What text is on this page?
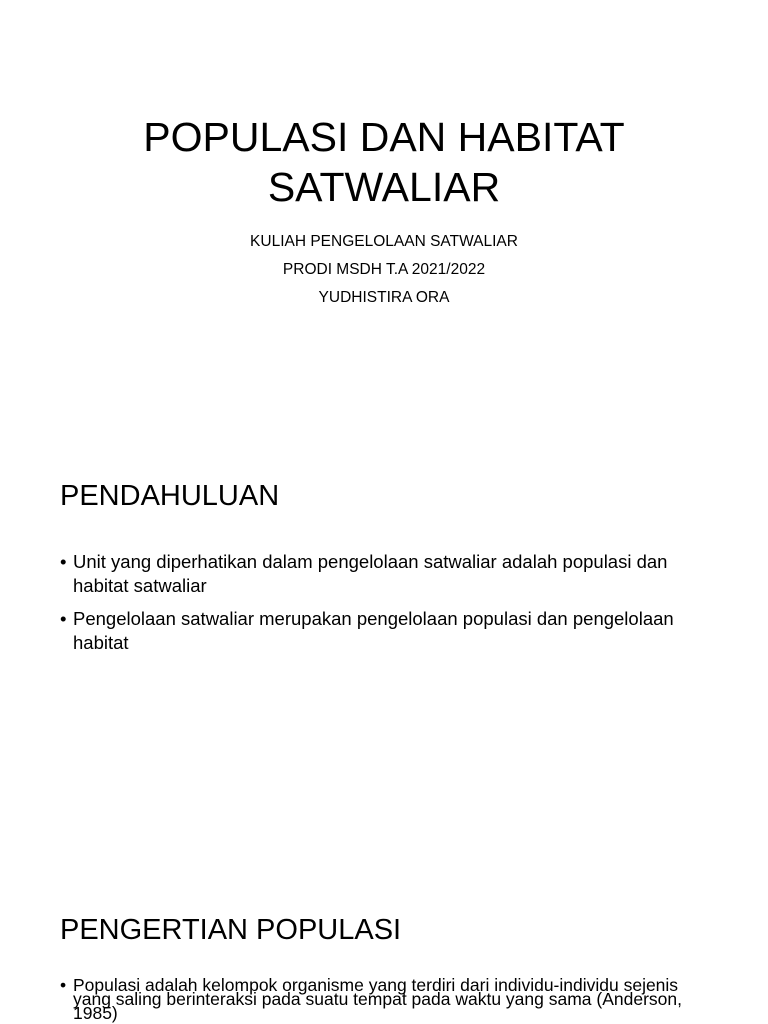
POPULASI DAN HABITAT
SATWALIAR
KULIAH PENGELOLAAN SATWALIAR
PRODI MSDH T.A 2021/2022
YUDHISTIRA ORA
PENDAHULUAN
• Unit yang diperhatikan dalam pengelolaan satwaliar adalah populasi dan habitat satwaliar
• Pengelolaan satwaliar merupakan pengelolaan populasi dan pengelolaan habitat
PENGERTIAN POPULASI
• Populasi adalah kelompok organisme yang terdiri dari individu-individu sejenis yang saling berinteraksi pada suatu tempat pada waktu yang sama (Anderson, 1985)
